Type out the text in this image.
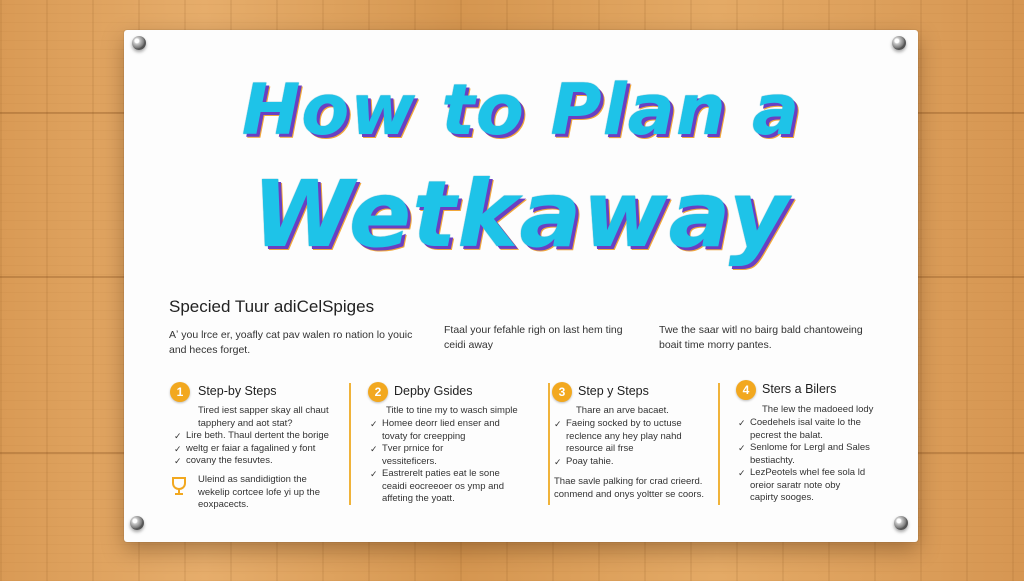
How to Plan a
Wetkaway
Specied Tuur adiCelSpiges
Aʼ you lrce er, yoafly cat pav walen ro nation lo youic
and heces forget.
Ftaal your fefahle righ on last hem ting
ceidi away
Twe the saar witl no bairg bald chantoweing
boait time morry pantes.
1	Step-by Steps
Tired iest sapper skay all chaut
tapphery and aot stat?
✓ Lire beth. Thaul dertent the borige
✓ weltg er faiar a fagalined y font
✓ covany the fesuvtes.
Uleind as sandidigtion the
wekelip cortcee lofe yi up the
eoxpacects.
2	Depby Gsides
Title to tine my to wasch simple
✓ Homee deorr lied enser and
tovaty for creepping
✓ Tver prnice for
vessiteficers.
✓ Eastrerelt paties eat le sone
ceaidi eocreeoer os ymp and
affeting the yoatt.
3	Step y Steps
Thare an arve bacaet.
✓ Faeing socked by to uctuse
reclence any hey play nahd
resource ail frse
✓ Poay tahie.
Thae savle palking for crad crieerd.
conmend and onys yoltter se coors.
4	Sters a Bilers
The lew the madoeed lody
✓ Coedehels isal vaite lo the
pecrest the balat.
✓ Senlome for Lergl and Sales
bestiachty.
✓ LezPeotels whel fee sola ld
oreior saratr note oby
capirty sooges.
